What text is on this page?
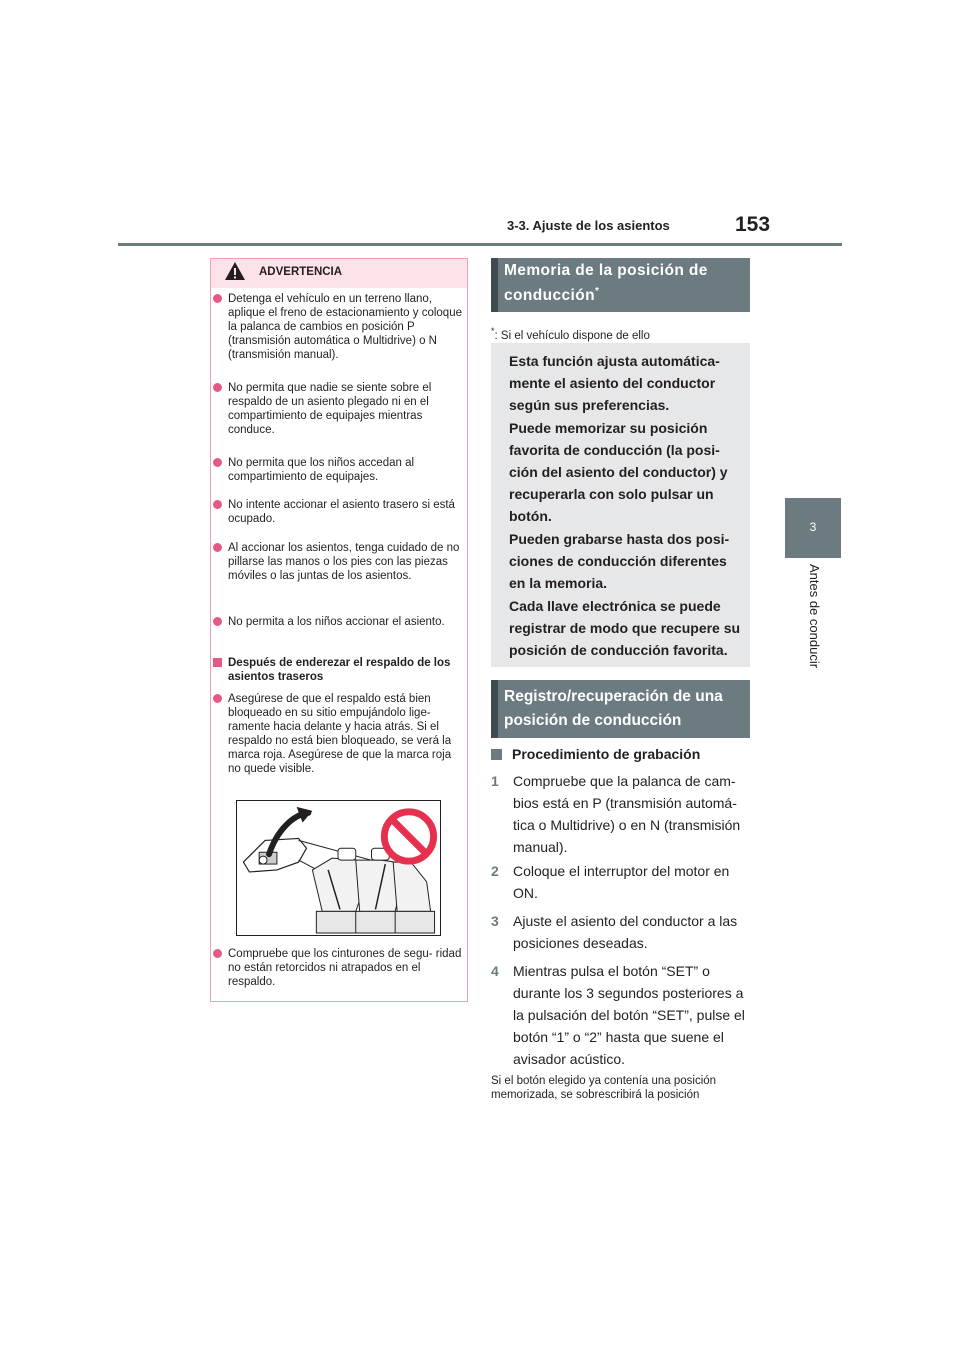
3-3. Ajuste de los asientos	153
3
Antes de conducir
ADVERTENCIA
Detenga el vehículo en un terreno llano, aplique el freno de estacionamiento y coloque la palanca de cambios en posición P (transmisión automática o Multidrive) o N (transmisión manual).
No permita que nadie se siente sobre el respaldo de un asiento plegado ni en el compartimiento de equipajes mientras conduce.
No permita que los niños accedan al compartimiento de equipajes.
No intente accionar el asiento trasero si está ocupado.
Al accionar los asientos, tenga cuidado de no pillarse las manos o los pies con las piezas móviles o las juntas de los asientos.
No permita a los niños accionar el asiento.
Después de enderezar el respaldo de los asientos traseros
Asegúrese de que el respaldo está bien bloqueado en su sitio empujándolo lige- ramente hacia delante y hacia atrás. Si el respaldo no está bien bloqueado, se verá la marca roja. Asegúrese de que la marca roja no quede visible.
Compruebe que los cinturones de segu- ridad no están retorcidos ni atrapados en el respaldo.
Memoria de la posición de
conducción*
*: Si el vehículo dispone de ello

Esta función ajusta automática- mente el asiento del conductor según sus preferencias.

Puede memorizar su posición favorita de conducción (la posi- ción del asiento del conductor) y recuperarla con solo pulsar un botón.

Pueden grabarse hasta dos posi- ciones de conducción diferentes en la memoria.

Cada llave electrónica se puede registrar de modo que recupere su posición de conducción favorita.

Registro/recuperación de una
posición de conducción
Procedimiento de grabación
1 Compruebe que la palanca de cam- bios está en P (transmisión automá- tica o Multidrive) o en N (transmisión manual).
2 Coloque el interruptor del motor en ON.
3 Ajuste el asiento del conductor a las posiciones deseadas.
4 Mientras pulsa el botón “SET” o durante los 3 segundos posteriores a la pulsación del botón “SET”, pulse el botón “1” o “2” hasta que suene el avisador acústico.
Si el botón elegido ya contenía una posición memorizada, se sobrescribirá la posición
